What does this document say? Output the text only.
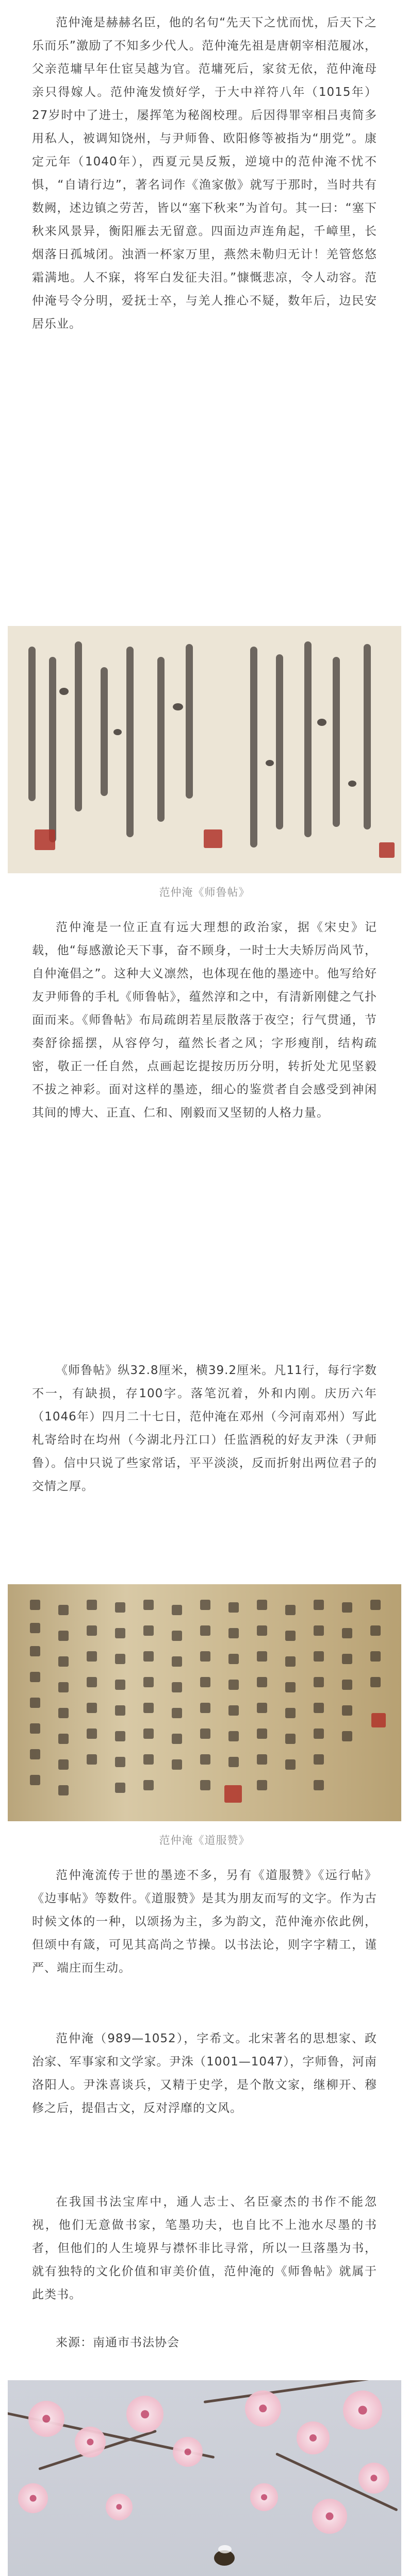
范仲淹是赫赫名臣，他的名句“先天下之忧而忧，后天下之乐而乐”激励了不知多少代人。范仲淹先祖是唐朝宰相范履冰，父亲范墉早年仕宦吴越为官。范墉死后，家贫无依，范仲淹母亲只得嫁人。范仲淹发愤好学，于大中祥符八年（1015年）27岁时中了进士，屡挥笔为秘阁校理。后因得罪宰相吕夷简多用私人，被调知饶州，与尹师鲁、欧阳修等被指为“朋党”。康定元年（1040年），西夏元昊反叛，逆境中的范仲淹不忧不惧，“自请行边”，著名词作《渔家傲》就写于那时，当时共有数阙，述边镇之劳苦，皆以“塞下秋来”为首句。其一曰：“塞下秋来风景异，衡阳雁去无留意。四面边声连角起，千嶂里，长烟落日孤城闭。浊酒一杯家万里，燕然未勒归无计！羌管悠悠霜满地。人不寐，将军白发征夫泪。”慷慨悲凉，令人动容。范仲淹号令分明，爱抚士卒，与羌人推心不疑，数年后，边民安居乐业。

范仲淹《师鲁帖》

范仲淹是一位正直有远大理想的政治家，据《宋史》记载，他“每感激论天下事，奋不顾身，一时士大夫矫厉尚风节，自仲淹倡之”。这种大义凛然，也体现在他的墨迹中。他写给好友尹师鲁的手札《师鲁帖》，蕴然淳和之中，有清新刚健之气扑面而来。《师鲁帖》布局疏朗若星辰散落于夜空；行气贯通，节奏舒徐摇摆，从容停匀，蕴然长者之风；字形瘦削，结构疏密，敬正一任自然，点画起讫提按历历分明，转折处尤见坚毅不拔之神彩。面对这样的墨迹，细心的鉴赏者自会感受到神闲其间的博大、正直、仁和、刚毅而又坚韧的人格力量。

《师鲁帖》纵32.8厘米，横39.2厘米。凡11行，每行字数不一，有缺损，存100字。落笔沉着，外和内刚。庆历六年（1046年）四月二十七日，范仲淹在邓州（今河南邓州）写此札寄给时在均州（今湖北丹江口）任监酒税的好友尹洙（尹师鲁）。信中只说了些家常话，平平淡淡，反而折射出两位君子的交情之厚。

范仲淹《道服赞》

范仲淹流传于世的墨迹不多，另有《道服赞》《远行帖》《边事帖》等数件。《道服赞》是其为朋友而写的文字。作为古时候文体的一种，以颂扬为主，多为韵文，范仲淹亦依此例，但颂中有箴，可见其高尚之节操。以书法论，则字字精工，谨严、端庄而生动。

范仲淹（989—1052），字希文。北宋著名的思想家、政治家、军事家和文学家。尹洙（1001—1047），字师鲁，河南洛阳人。尹洙喜谈兵，又精于史学，是个散文家，继柳开、穆修之后，提倡古文，反对浮靡的文风。

在我国书法宝库中，通人志士、名臣豪杰的书作不能忽视，他们无意做书家，笔墨功夫，也自比不上池水尽墨的书者，但他们的人生境界与襟怀非比寻常，所以一旦落墨为书，就有独特的文化价值和审美价值，范仲淹的《师鲁帖》就属于此类书。

来源：南通市书法协会
